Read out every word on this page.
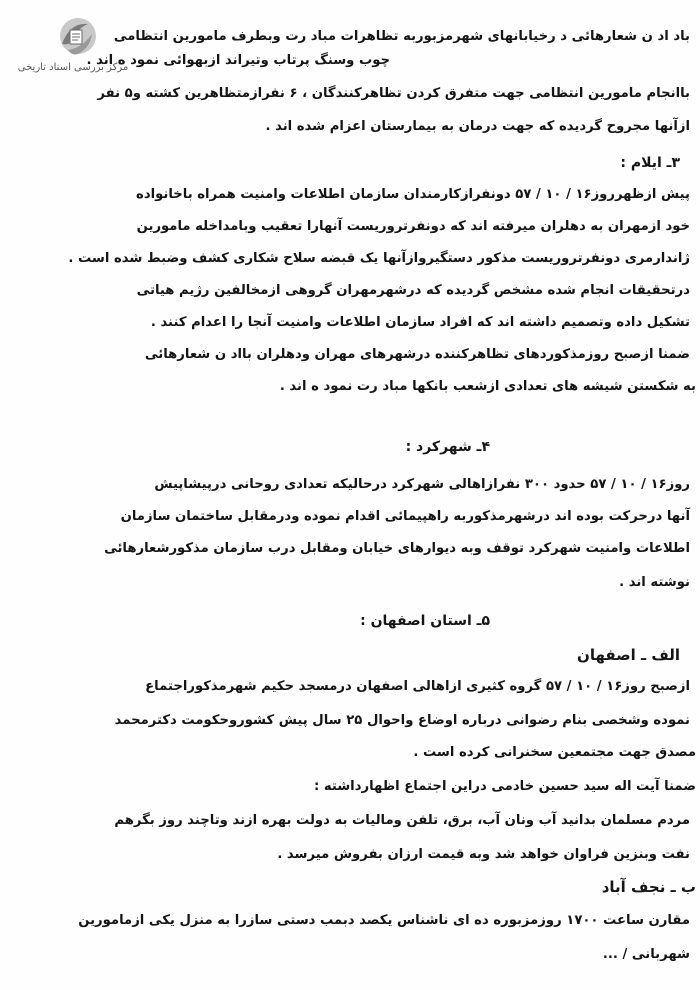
مرکز بررسی اسناد تاریخی
باد اد ن شعارهائی د رخیابانهای شهرمزبوربه تظاهرات مباد رت وبطرف مامورین انتظامی
چوب وسنگ پرتاب وتیراند ازبهوائی نمود ه اند .
باانجام مامورین انتظامی جهت متفرق کردن تظاهرکنندگان ، ۶ نفرازمتظاهرین کشته و۵ نفر
ازآنها مجروح گردیده که جهت درمان به بیمارستان اعزام شده اند .
۳ـ ایلام :
پیش ازظهرروز۱۶ / ۱۰ / ۵۷ دونفرازکارمندان سازمان اطلاعات وامنیت همراه باخانواده
خود ازمهران به دهلران میرفته اند که دونفرتروریست آنهارا تعقیب وبامداخله مامورین
ژاندارمری دونفرتروریست مذکور دستگیروازآنها یک قبضه سلاح شکاری کشف وضبط شده است .
درتحقیقات انجام شده مشخص گردیده که درشهرمهران گروهی ازمخالفین رژیم هیاتی
تشکیل داده وتصمیم داشته اند که افراد سازمان اطلاعات وامنیت آنجا را اعدام کنند .
ضمنا ازصبح روزمذکوردهای تظاهرکننده درشهرهای مهران ودهلران بااد ن شعارهائی
به شکستن شیشه های تعدادی ازشعب بانکها مباد رت نمود ه اند .
۴ـ شهرکرد :
روز۱۶ / ۱۰ / ۵۷ حدود ۳۰۰ نفرازاهالی شهرکرد درحالیکه تعدادی روحانی درپیشاپیش
آنها درحرکت بوده اند درشهرمذکوربه راهپیمائی اقدام نموده ودرمقابل ساختمان سازمان
اطلاعات وامنیت شهرکرد توقف وبه دیوارهای خیابان ومقابل درب سازمان مذکورشعارهائی
نوشته اند .
۵ـ استان اصفهان :
الف ـ اصفهان
ازصبح روز۱۶ / ۱۰ / ۵۷ گروه کثیری ازاهالی اصفهان درمسجد حکیم شهرمذکوراجتماع
نموده وشخصی بنام رضوانی درباره اوضاع واحوال ۲۵ سال پیش کشوروحکومت دکترمحمد
مصدق جهت مجتمعین سخنرانی کرده است .
ضمنا آیت اله سید حسین خادمی دراین اجتماع اظهارداشته :
مردم مسلمان بدانید آب ونان آب، برق، تلفن ومالیات به دولت بهره ازند وتاچند روز بگرهم
نفت وبنزین فراوان خواهد شد وبه قیمت ارزان بفروش میرسد .
ب ـ نجف آباد
مقارن ساعت ۱۷۰۰ روزمزبوره ده ای ناشناس یکصد دبمب دستی سازرا به منزل یکی ازمامورین
شهربانی / ...
